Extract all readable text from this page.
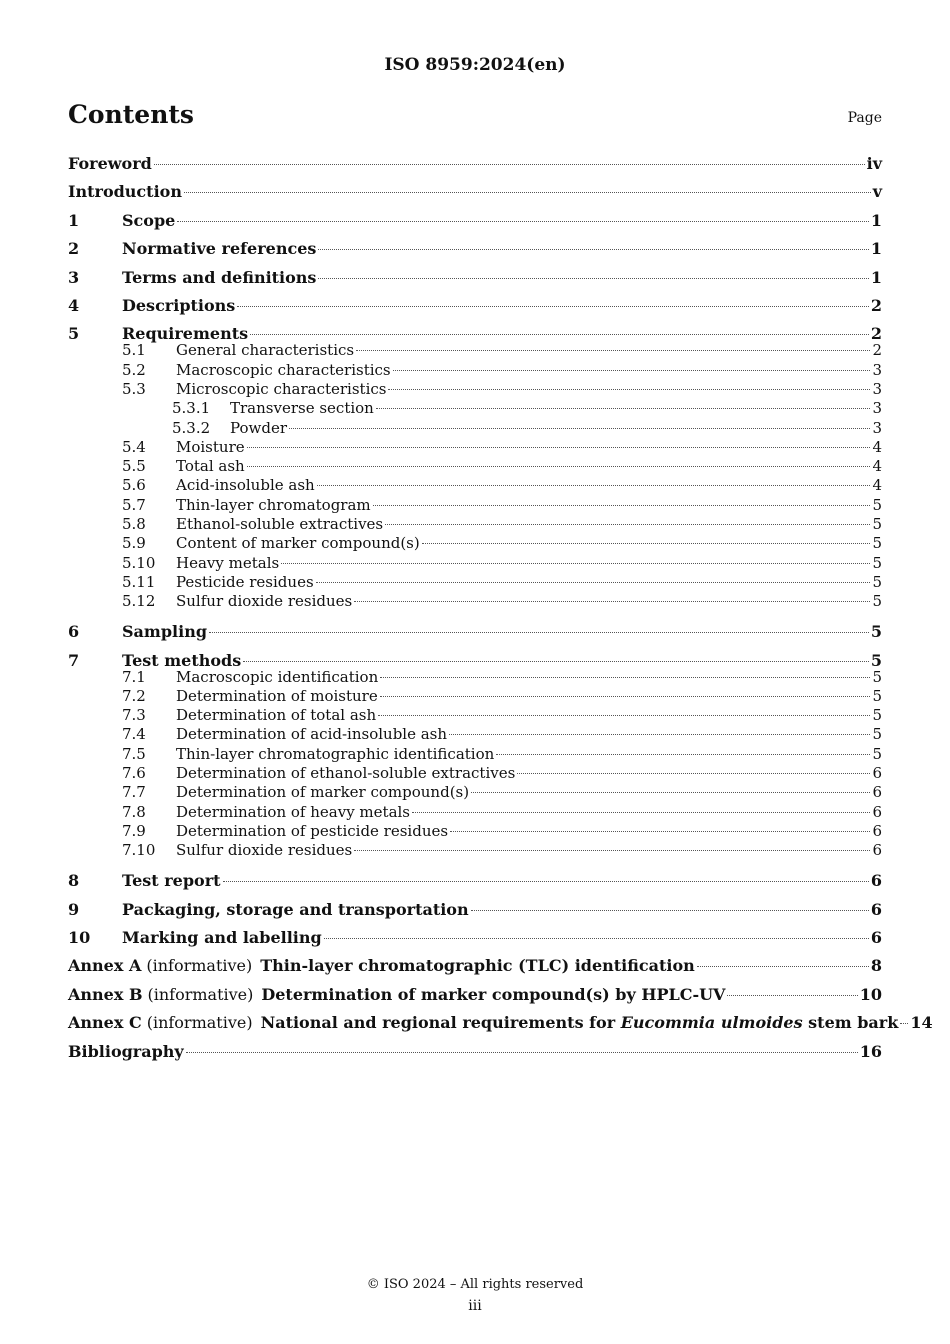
ISO 8959:2024(en)
Contents	Page
Foreword	iv
Introduction	v
1	Scope	1
2	Normative references	1
3	Terms and definitions	1
4	Descriptions	2
5	Requirements	2
5.1	General characteristics	2
5.2	Macroscopic characteristics	3
5.3	Microscopic characteristics	3
5.3.1	Transverse section	3
5.3.2	Powder	3
5.4	Moisture	4
5.5	Total ash	4
5.6	Acid-insoluble ash	4
5.7	Thin-layer chromatogram	5
5.8	Ethanol-soluble extractives	5
5.9	Content of marker compound(s)	5
5.10	Heavy metals	5
5.11	Pesticide residues	5
5.12	Sulfur dioxide residues	5
6	Sampling	5
7	Test methods	5
7.1	Macroscopic identification	5
7.2	Determination of moisture	5
7.3	Determination of total ash	5
7.4	Determination of acid-insoluble ash	5
7.5	Thin-layer chromatographic identification	5
7.6	Determination of ethanol-soluble extractives	6
7.7	Determination of marker compound(s)	6
7.8	Determination of heavy metals	6
7.9	Determination of pesticide residues	6
7.10	Sulfur dioxide residues	6
8	Test report	6
9	Packaging, storage and transportation	6
10	Marking and labelling	6
Annex A (informative) Thin-layer chromatographic (TLC) identification	8
Annex B (informative) Determination of marker compound(s) by HPLC-UV	10
Annex C (informative) National and regional requirements for Eucommia ulmoides stem bark 14
Bibliography	16
© ISO 2024 – All rights reserved
iii
